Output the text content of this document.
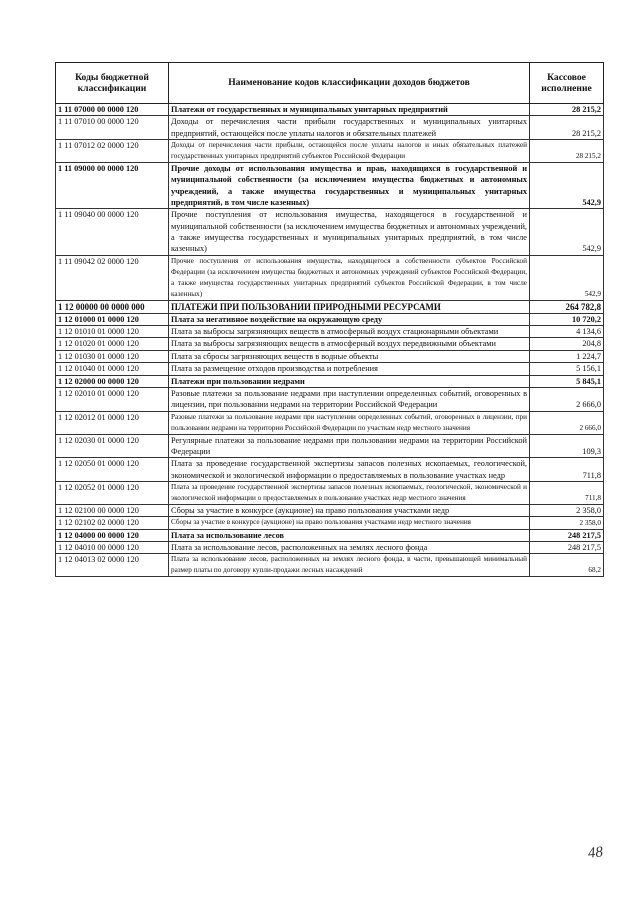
Коды бюджетной классификации	Наименование кодов классификации доходов бюджетов	Кассовое исполнение
1 11 07000 00 0000 120	Платежи от государственных и муниципальных унитарных предприятий	28 215,2
1 11 07010 00 0000 120	Доходы от перечисления части прибыли государственных и муниципальных унитарных предприятий, остающейся после уплаты налогов и обязательных платежей	28 215,2
1 11 07012 02 0000 120	Доходы от перечисления части прибыли, остающейся после уплаты налогов и иных обязательных платежей государственных унитарных предприятий субъектов Российской Федерации	28 215,2
1 11 09000 00 0000 120	Прочие доходы от использования имущества и прав, находящихся в государственной и муниципальной собственности (за исключением имущества бюджетных и автономных учреждений, а также имущества государственных и муниципальных унитарных предприятий, в том числе казенных)	542,9
1 11 09040 00 0000 120	Прочие поступления от использования имущества, находящегося в государственной и муниципальной собственности (за исключением имущества бюджетных и автономных учреждений, а также имущества государственных и муниципальных унитарных предприятий, в том числе казенных)	542,9
1 11 09042 02 0000 120	Прочие поступления от использования имущества, находящегося в собственности субъектов Российской Федерации (за исключением имущества бюджетных и автономных учреждений субъектов Российской Федерации, а также имущества государственных унитарных предприятий субъектов Российской Федерации, в том числе казенных)	542,9
1 12 00000 00 0000 000	ПЛАТЕЖИ ПРИ ПОЛЬЗОВАНИИ ПРИРОДНЫМИ РЕСУРСАМИ	264 782,8
1 12 01000 01 0000 120	Плата за негативное воздействие на окружающую среду	10 720,2
1 12 01010 01 0000 120	Плата за выбросы загрязняющих веществ в атмосферный воздух стационарными объектами	4 134,6
1 12 01020 01 0000 120	Плата за выбросы загрязняющих веществ в атмосферный воздух передвижными объектами	204,8
1 12 01030 01 0000 120	Плата за сбросы загрязняющих веществ в водные объекты	1 224,7
1 12 01040 01 0000 120	Плата за размещение отходов производства и потребления	5 156,1
1 12 02000 00 0000 120	Платежи при пользовании недрами	5 845,1
1 12 02010 01 0000 120	Разовые платежи за пользование недрами при наступлении определенных событий, оговоренных в лицензии, при пользовании недрами на территории Российской Федерации	2 666,0
1 12 02012 01 0000 120	Разовые платежи за пользование недрами при наступлении определенных событий, оговоренных в лицензии, при пользовании недрами на территории Российской Федерации по участкам недр местного значения	2 666,0
1 12 02030 01 0000 120	Регулярные платежи за пользование недрами при пользовании недрами на территории Российской Федерации	109,3
1 12 02050 01 0000 120	Плата за проведение государственной экспертизы запасов полезных ископаемых, геологической, экономической и экологической информации о предоставляемых в пользование участках недр	711,8
1 12 02052 01 0000 120	Плата за проведение государственной экспертизы запасов полезных ископаемых, геологической, экономической и экологической информации о предоставляемых в пользование участках недр местного значения	711,8
1 12 02100 00 0000 120	Сборы за участие в конкурсе (аукционе) на право пользования участками недр	2 358,0
1 12 02102 02 0000 120	Сборы за участие в конкурсе (аукционе) на право пользования участками недр местного значения	2 358,0
1 12 04000 00 0000 120	Плата за использование лесов	248 217,5
1 12 04010 00 0000 120	Плата за использование лесов, расположенных на землях лесного фонда	248 217,5
1 12 04013 02 0000 120	Плата за использование лесов, расположенных на землях лесного фонда, в части, превышающей минимальный размер платы по договору купли-продажи лесных насаждений	68,2
48
